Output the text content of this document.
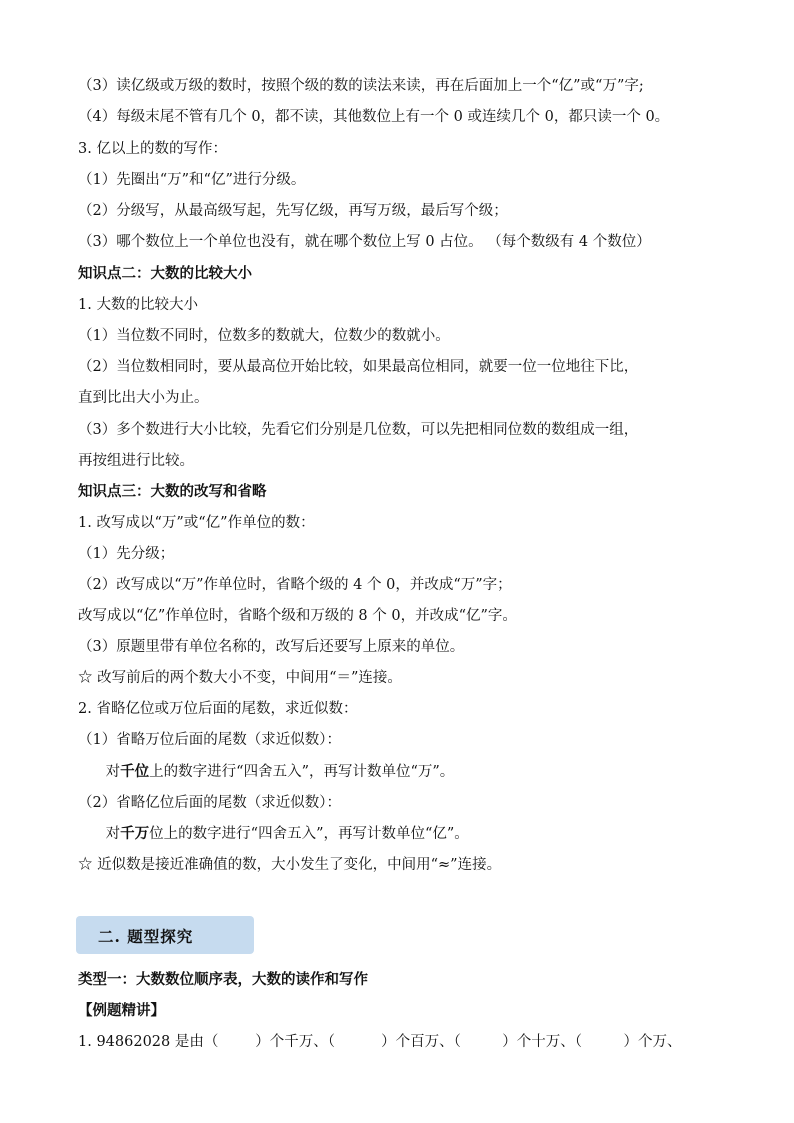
（3）读亿级或万级的数时，按照个级的数的读法来读，再在后面加上一个“亿”或“万”字;
（4）每级末尾不管有几个 0，都不读，其他数位上有一个 0 或连续几个 0，都只读一个 0。
3. 亿以上的数的写作：
（1）先圈出“万”和“亿”进行分级。
（2）分级写，从最高级写起，先写亿级，再写万级，最后写个级；
（3）哪个数位上一个单位也没有，就在哪个数位上写 0 占位。 （每个数级有 4 个数位）
知识点二：大数的比较大小
1. 大数的比较大小
（1）当位数不同时，位数多的数就大，位数少的数就小。
（2）当位数相同时，要从最高位开始比较，如果最高位相同，就要一位一位地往下比，
直到比出大小为止。
（3）多个数进行大小比较，先看它们分别是几位数，可以先把相同位数的数组成一组，
再按组进行比较。
知识点三：大数的改写和省略
1. 改写成以“万”或“亿”作单位的数：
（1）先分级；
（2）改写成以“万”作单位时，省略个级的 4 个 0，并改成“万”字；
改写成以“亿”作单位时，省略个级和万级的 8 个 0，并改成“亿”字。
（3）原题里带有单位名称的，改写后还要写上原来的单位。
☆ 改写前后的两个数大小不变，中间用“＝”连接。
2. 省略亿位或万位后面的尾数，求近似数：
（1）省略万位后面的尾数（求近似数）：
对千位上的数字进行“四舍五入”，再写计数单位“万”。
（2）省略亿位后面的尾数（求近似数）：
对千万位上的数字进行“四舍五入”，再写计数单位“亿”。
☆ 近似数是接近准确值的数，大小发生了变化，中间用“≈”连接。
二. 题型探究
类型一：大数数位顺序表，大数的读作和写作
【例题精讲】
1. 94862028 是由（        ）个千万、（          ）个百万、（         ）个十万、（         ）个万、
